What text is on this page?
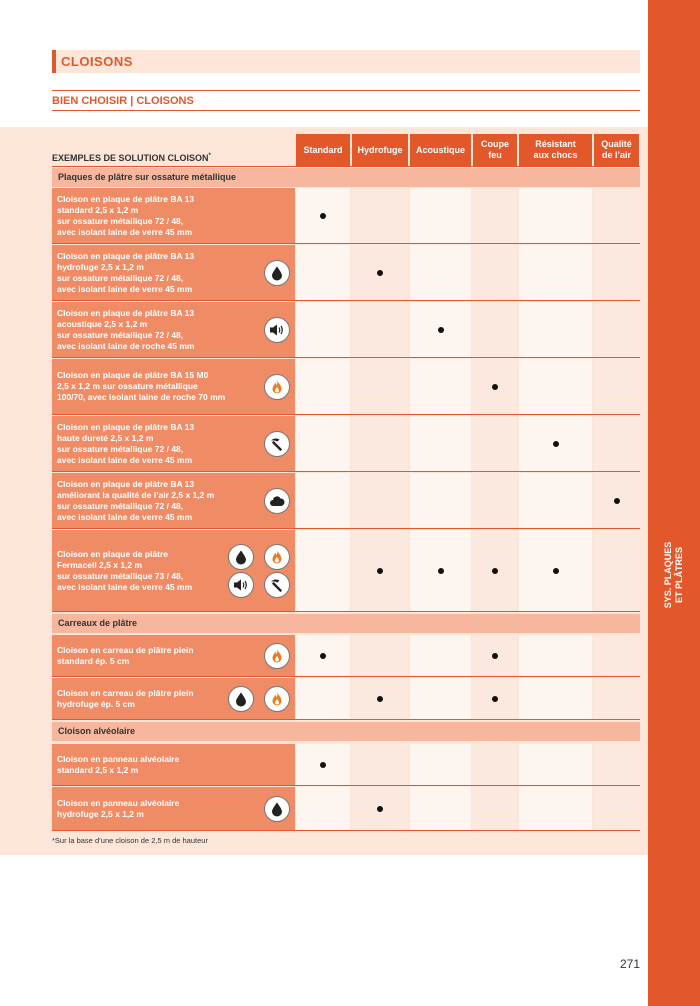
SYS. PLAQUES ET PLÂTRES
CLOISONS
BIEN CHOISIR | CLOISONS
EXEMPLES DE SOLUTION CLOISON*
Standard	Hydrofuge	Acoustique
Coupe
feu
Résistant
aux chocs
Qualité
de l’air
Plaques de plâtre sur ossature métallique
Cloison en plaque de plâtre BA 13
standard 2,5 x 1,2 m
sur ossature métallique 72 / 48,
avec isolant laine de verre 45 mm
Cloison en plaque de plâtre BA 13
hydrofuge 2,5 x 1,2 m
sur ossature métallique 72 / 48,
avec isolant laine de verre 45 mm
Cloison en plaque de plâtre BA 13
acoustique 2,5 x 1,2 m
sur ossature métallique 72 / 48,
avec isolant laine de roche 45 mm
Cloison en plaque de plâtre BA 15 M0
2,5 x 1,2 m sur ossature métallique
100/70, avec isolant laine de roche 70 mm
Cloison en plaque de plâtre BA 13
haute dureté 2,5 x 1,2 m
sur ossature métallique 72 / 48,
avec isolant laine de verre 45 mm
Cloison en plaque de plâtre BA 13
améliorant la qualité de l’air 2,5 x 1,2 m
sur ossature métallique 72 / 48,
avec isolant laine de verre 45 mm
Cloison en plaque de plâtre
Fermacell 2,5 x 1,2 m
sur ossature métallique 73 / 48,
avec isolant laine de verre 45 mm
Carreaux de plâtre
Cloison en carreau de plâtre plein
standard ép. 5 cm
Cloison en carreau de plâtre plein
hydrofuge ép. 5 cm
Cloison alvéolaire
Cloison en panneau alvéolaire
standard 2,5 x 1,2 m
Cloison en panneau alvéolaire
hydrofuge 2,5 x 1,2 m
*Sur la base d’une cloison de 2,5 m de hauteur
271
